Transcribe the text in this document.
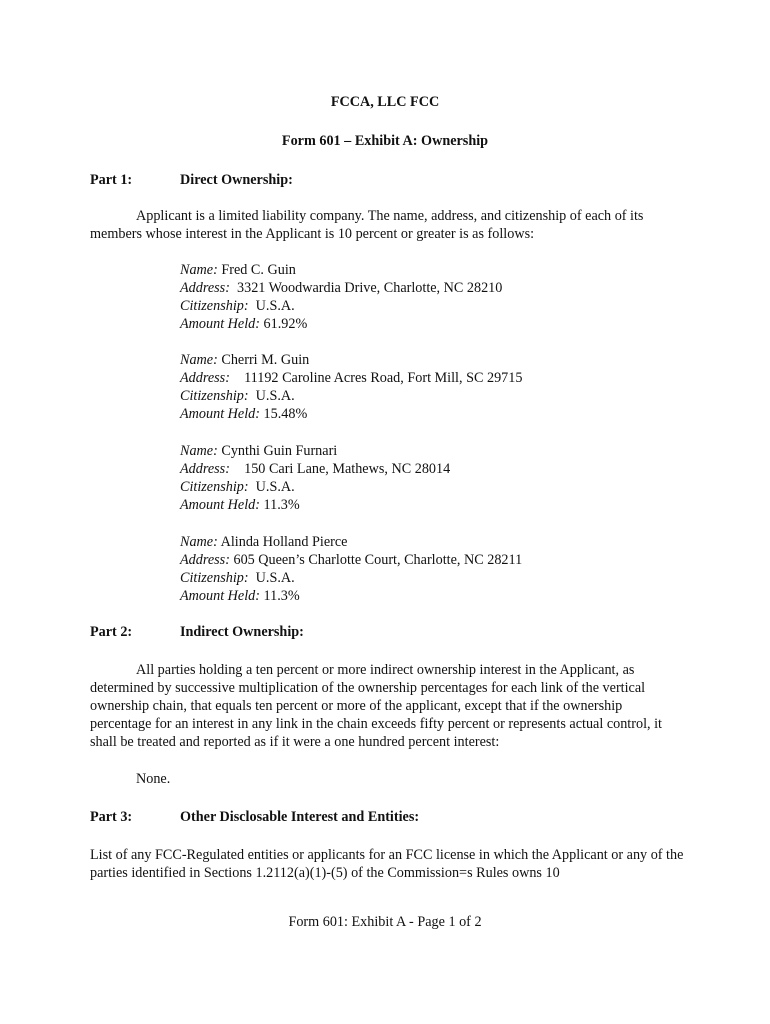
FCCA, LLC FCC
Form 601 – Exhibit A: Ownership
Part 1:	Direct Ownership:
Applicant is a limited liability company. The name, address, and citizenship of each of its members whose interest in the Applicant is 10 percent or greater is as follows:
Name: Fred C. Guin
Address: 3321 Woodwardia Drive, Charlotte, NC 28210
Citizenship: U.S.A.
Amount Held: 61.92%
Name: Cherri M. Guin
Address: 11192 Caroline Acres Road, Fort Mill, SC 29715
Citizenship: U.S.A.
Amount Held: 15.48%
Name: Cynthi Guin Furnari
Address: 150 Cari Lane, Mathews, NC 28014
Citizenship: U.S.A.
Amount Held: 11.3%
Name: Alinda Holland Pierce
Address: 605 Queen’s Charlotte Court, Charlotte, NC 28211
Citizenship: U.S.A.
Amount Held: 11.3%
Part 2:	Indirect Ownership:
All parties holding a ten percent or more indirect ownership interest in the Applicant, as determined by successive multiplication of the ownership percentages for each link of the vertical ownership chain, that equals ten percent or more of the applicant, except that if the ownership percentage for an interest in any link in the chain exceeds fifty percent or represents actual control, it shall be treated and reported as if it were a one hundred percent interest:
None.
Part 3:	Other Disclosable Interest and Entities:
List of any FCC-Regulated entities or applicants for an FCC license in which the Applicant or any of the parties identified in Sections 1.2112(a)(1)-(5) of the Commission=s Rules owns 10
Form 601: Exhibit A - Page 1 of 2
